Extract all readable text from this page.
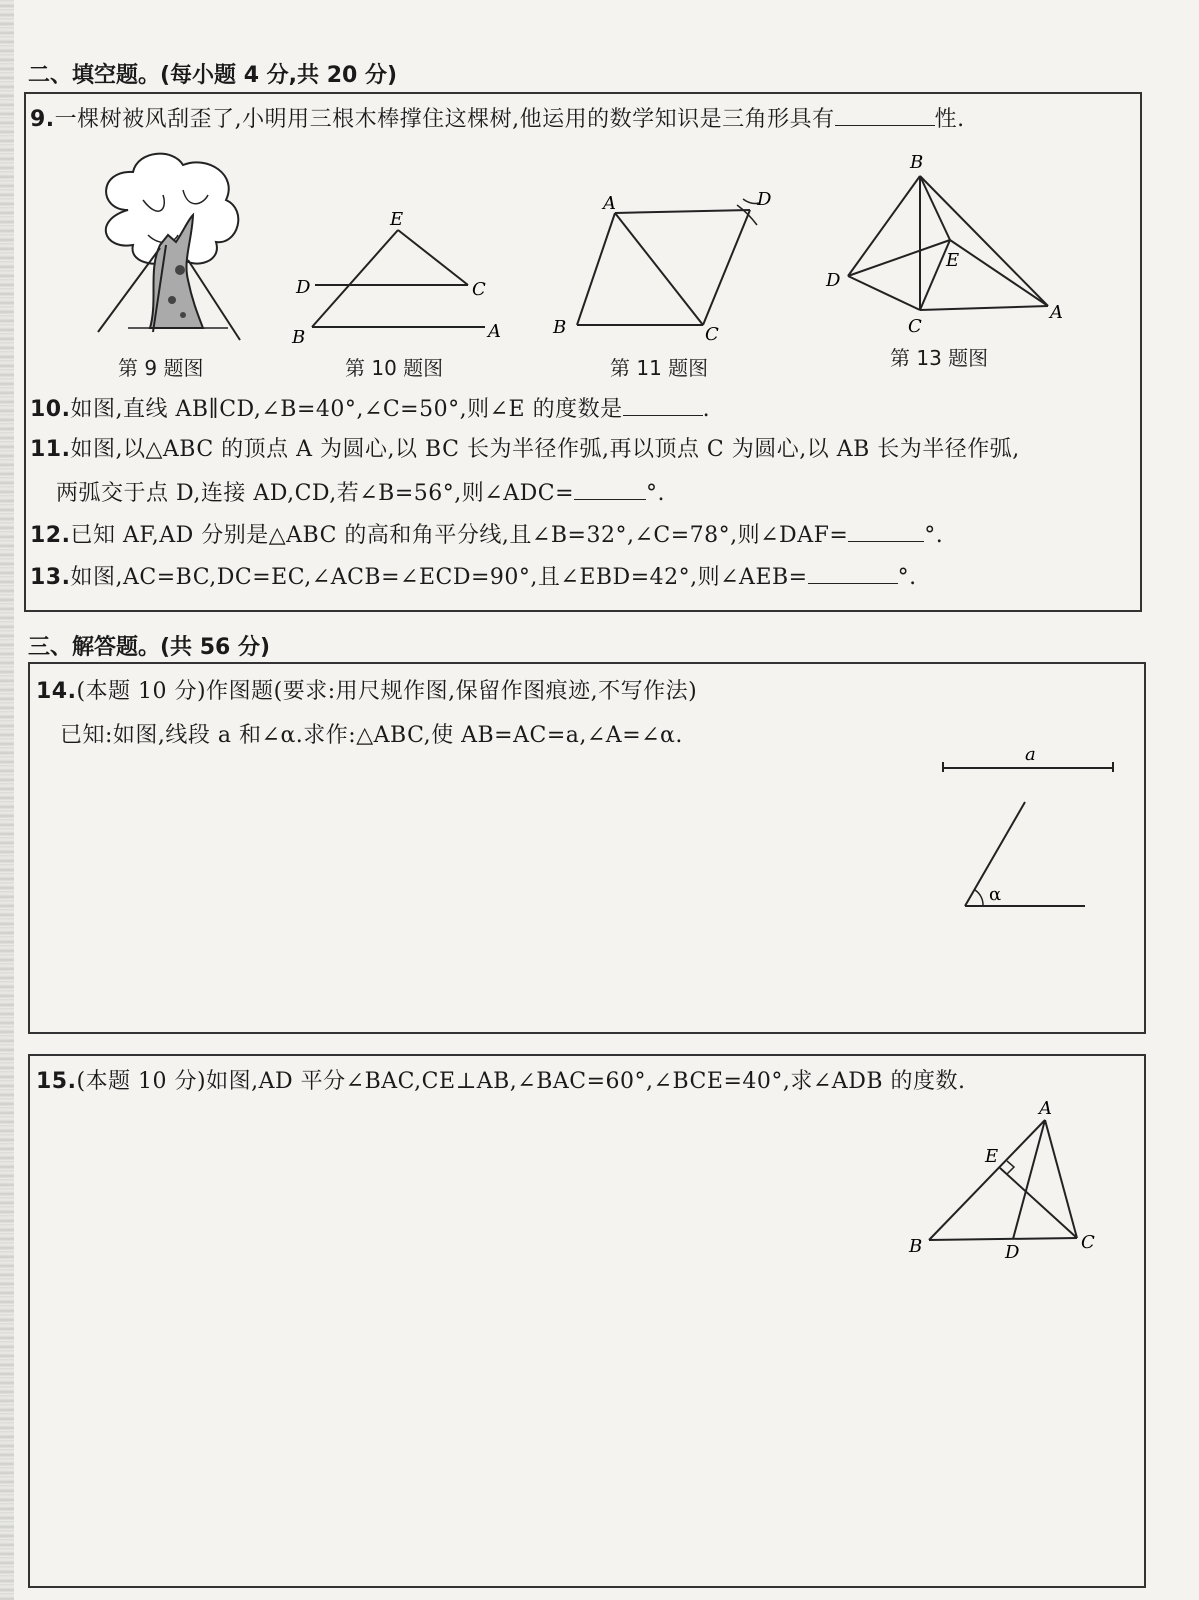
二、填空题。(每小题 4 分,共 20 分)
9.一棵树被风刮歪了,小明用三根木棒撑住这棵树,他运用的数学知识是三角形具有	性.
第 9 题图
E
D	C
B	A
第 10 题图
A	D
B	C
第 11 题图
B
E
D
C
A
第 13 题图
10.如图,直线 AB∥CD,∠B=40°,∠C=50°,则∠E 的度数是	.
11.如图,以△ABC 的顶点 A 为圆心,以 BC 长为半径作弧,再以顶点 C 为圆心,以 AB 长为半径作弧,
两弧交于点 D,连接 AD,CD,若∠B=56°,则∠ADC=	°.
12.已知 AF,AD 分别是△ABC 的高和角平分线,且∠B=32°,∠C=78°,则∠DAF=	°.
13.如图,AC=BC,DC=EC,∠ACB=∠ECD=90°,且∠EBD=42°,则∠AEB=	°.
三、解答题。(共 56 分)
14.(本题 10 分)作图题(要求:用尺规作图,保留作图痕迹,不写作法)
已知:如图,线段 a 和∠α.求作:△ABC,使 AB=AC=a,∠A=∠α.
a
α
15.(本题 10 分)如图,AD 平分∠BAC,CE⊥AB,∠BAC=60°,∠BCE=40°,求∠ADB 的度数.
A
E
B	D	C
